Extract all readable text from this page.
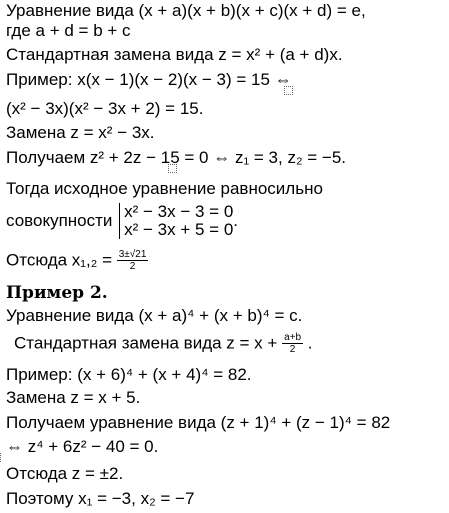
Уравнение вида (x + a)(x + b)(x + c)(x + d) = e,
где a + d = b + c
Стандартная замена вида z = x² + (a + d)x.
Пример: x(x − 1)(x − 2)(x − 3) = 15 ⇔
(x² − 3x)(x² − 3x + 2) = 15.
Замена z = x² − 3x.
Получаем z² + 2z − 15 = 0 ⇔ z₁ = 3, z₂ = −5.
Тогда исходное уравнение равносильно
совокупности x² − 3x − 3 = 0
x² − 3x + 5 = 0 .
Отсюда $x_1,_2 = \frac{3\pm√21}{2}$
Пример 2.
Уравнение вида (x + a)⁴ + (x + b)⁴ = c.
Стандартная замена вида $z = x + \frac{a+b}{2}$ .
Пример: (x + 6)⁴ + (x + 4)⁴ = 82.
Замена z = x + 5.
Получаем уравнение вида (z + 1)⁴ + (z − 1)⁴ = 82
⇔ z⁴ + 6z² − 40 = 0.
Отсюда z = ±2.
Поэтому x₁ = −3, x₂ = −7
